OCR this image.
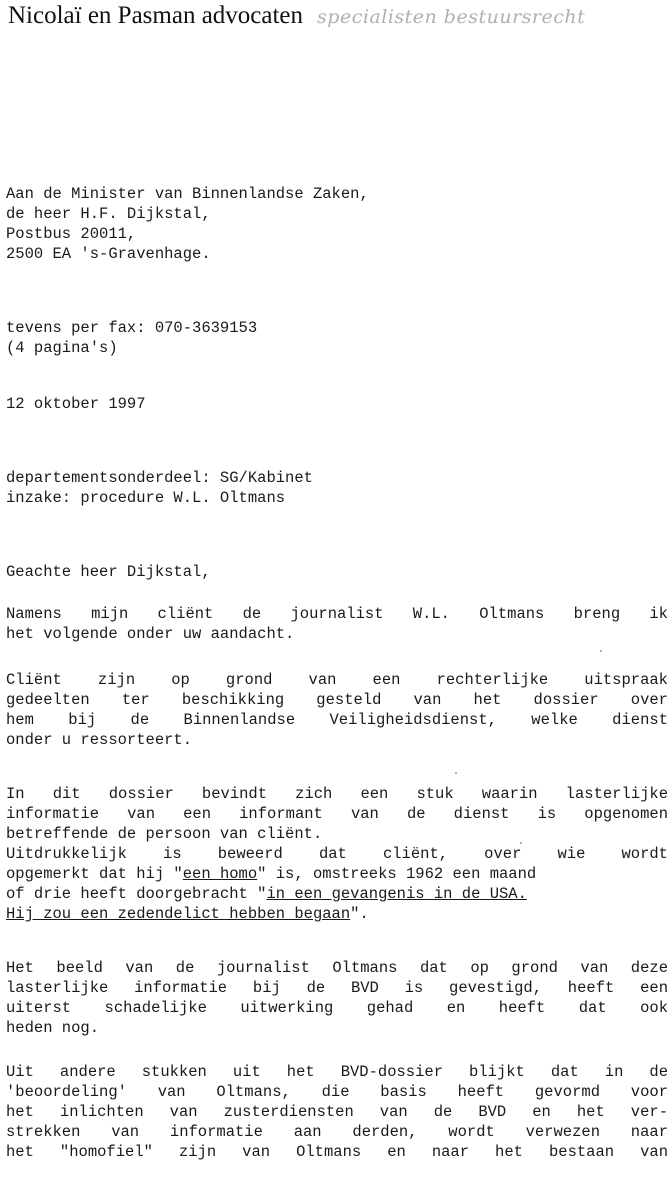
Nicolaï en Pasman advocaten specialisten bestuursrecht

Aan de Minister van Binnenlandse Zaken,

de heer H.F. Dijkstal,

Postbus 20011,

2500 EA 's-Gravenhage.

tevens per fax: 070-3639153

(4 pagina's)

12 oktober 1997

departementsonderdeel: SG/Kabinet

inzake: procedure W.L. Oltmans

Geachte heer Dijkstal,

Namens mijn cliënt de journalist W.L. Oltmans breng ik
het volgende onder uw aandacht.
Cliënt zijn op grond van een rechterlijke uitspraak
gedeelten ter beschikking gesteld van het dossier over
hem bij de Binnenlandse Veiligheidsdienst, welke dienst
onder u ressorteert.
In dit dossier bevindt zich een stuk waarin lasterlijke
informatie van een informant van de dienst is opgenomen
betreffende de persoon van cliënt.
Uitdrukkelijk is beweerd dat cliënt, over wie wordt
opgemerkt dat hij "een homo" is, omstreeks 1962 een maand
of drie heeft doorgebracht "in een gevangenis in de USA.
Hij zou een zedendelict hebben begaan".
Het beeld van de journalist Oltmans dat op grond van deze
lasterlijke informatie bij de BVD is gevestigd, heeft een
uiterst schadelijke uitwerking gehad en heeft dat ook
heden nog.
Uit andere stukken uit het BVD-dossier blijkt dat in de
'beoordeling' van Oltmans, die basis heeft gevormd voor
het inlichten van zusterdiensten van de BVD en het ver-
strekken van informatie aan derden, wordt verwezen naar
het "homofiel" zijn van Oltmans en naar het bestaan van
